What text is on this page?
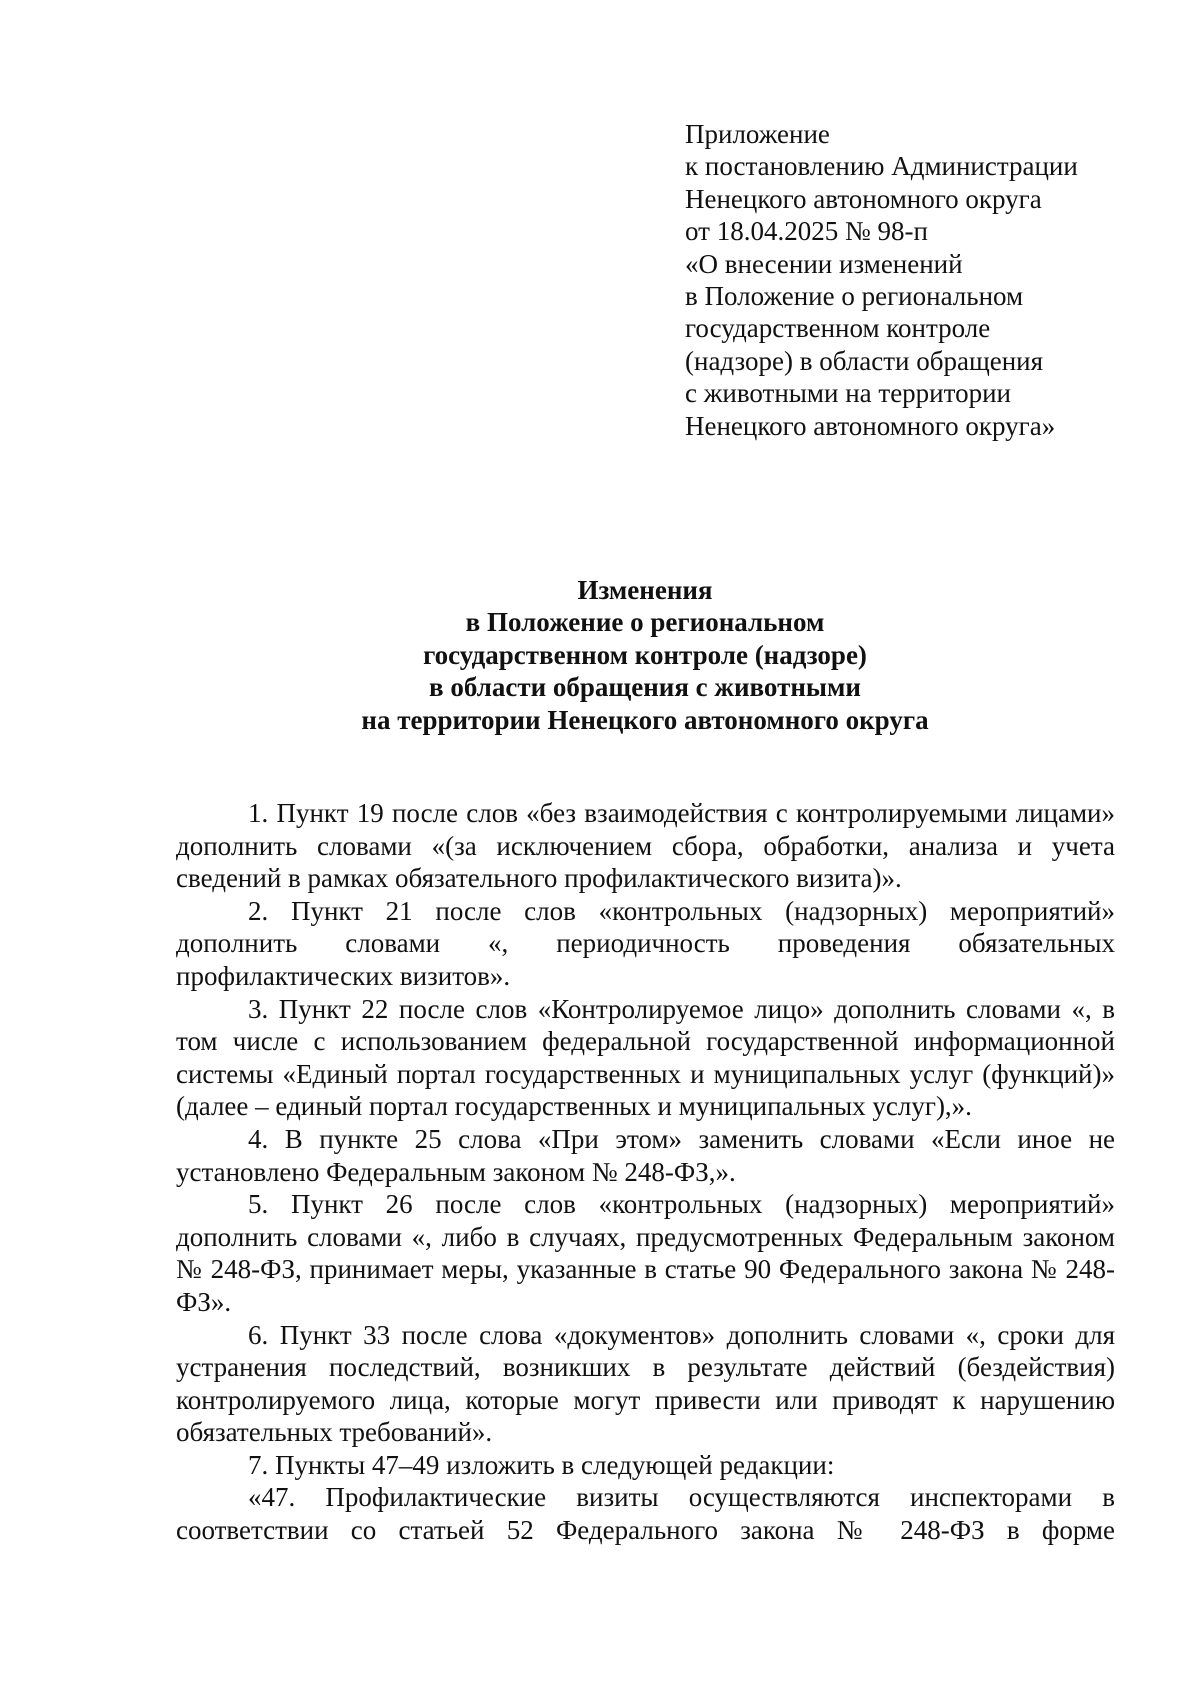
Приложение
к постановлению Администрации
Ненецкого автономного округа
от 18.04.2025 № 98-п
«О внесении изменений
в Положение о региональном
государственном контроле
(надзоре) в области обращения
с животными на территории
Ненецкого автономного округа»
Изменения
в Положение о региональном
государственном контроле (надзоре)
в области обращения с животными
на территории Ненецкого автономного округа

1. Пункт 19 после слов «без взаимодействия с контролируемыми лицами» дополнить словами «(за исключением сбора, обработки, анализа и учета сведений в рамках обязательного профилактического визита)».

2. Пункт 21 после слов «контрольных (надзорных) мероприятий» дополнить словами «, периодичность проведения обязательных профилактических визитов».

3. Пункт 22 после слов «Контролируемое лицо» дополнить словами «, в том числе с использованием федеральной государственной информационной системы «Единый портал государственных и муниципальных услуг (функций)» (далее – единый портал государственных и муниципальных услуг),».

4. В пункте 25 слова «При этом» заменить словами «Если иное не установлено Федеральным законом № 248-ФЗ,».

5. Пункт 26 после слов «контрольных (надзорных) мероприятий» дополнить словами «, либо в случаях, предусмотренных Федеральным законом № 248-ФЗ, принимает меры, указанные в статье 90 Федерального закона № 248-ФЗ».

6. Пункт 33 после слова «документов» дополнить словами «, сроки для устранения последствий, возникших в результате действий (бездействия) контролируемого лица, которые могут привести или приводят к нарушению обязательных требований».

7. Пункты 47–49 изложить в следующей редакции:

«47. Профилактические визиты осуществляются инспекторами в соответствии со статьей 52 Федерального закона № 248-ФЗ в форме
